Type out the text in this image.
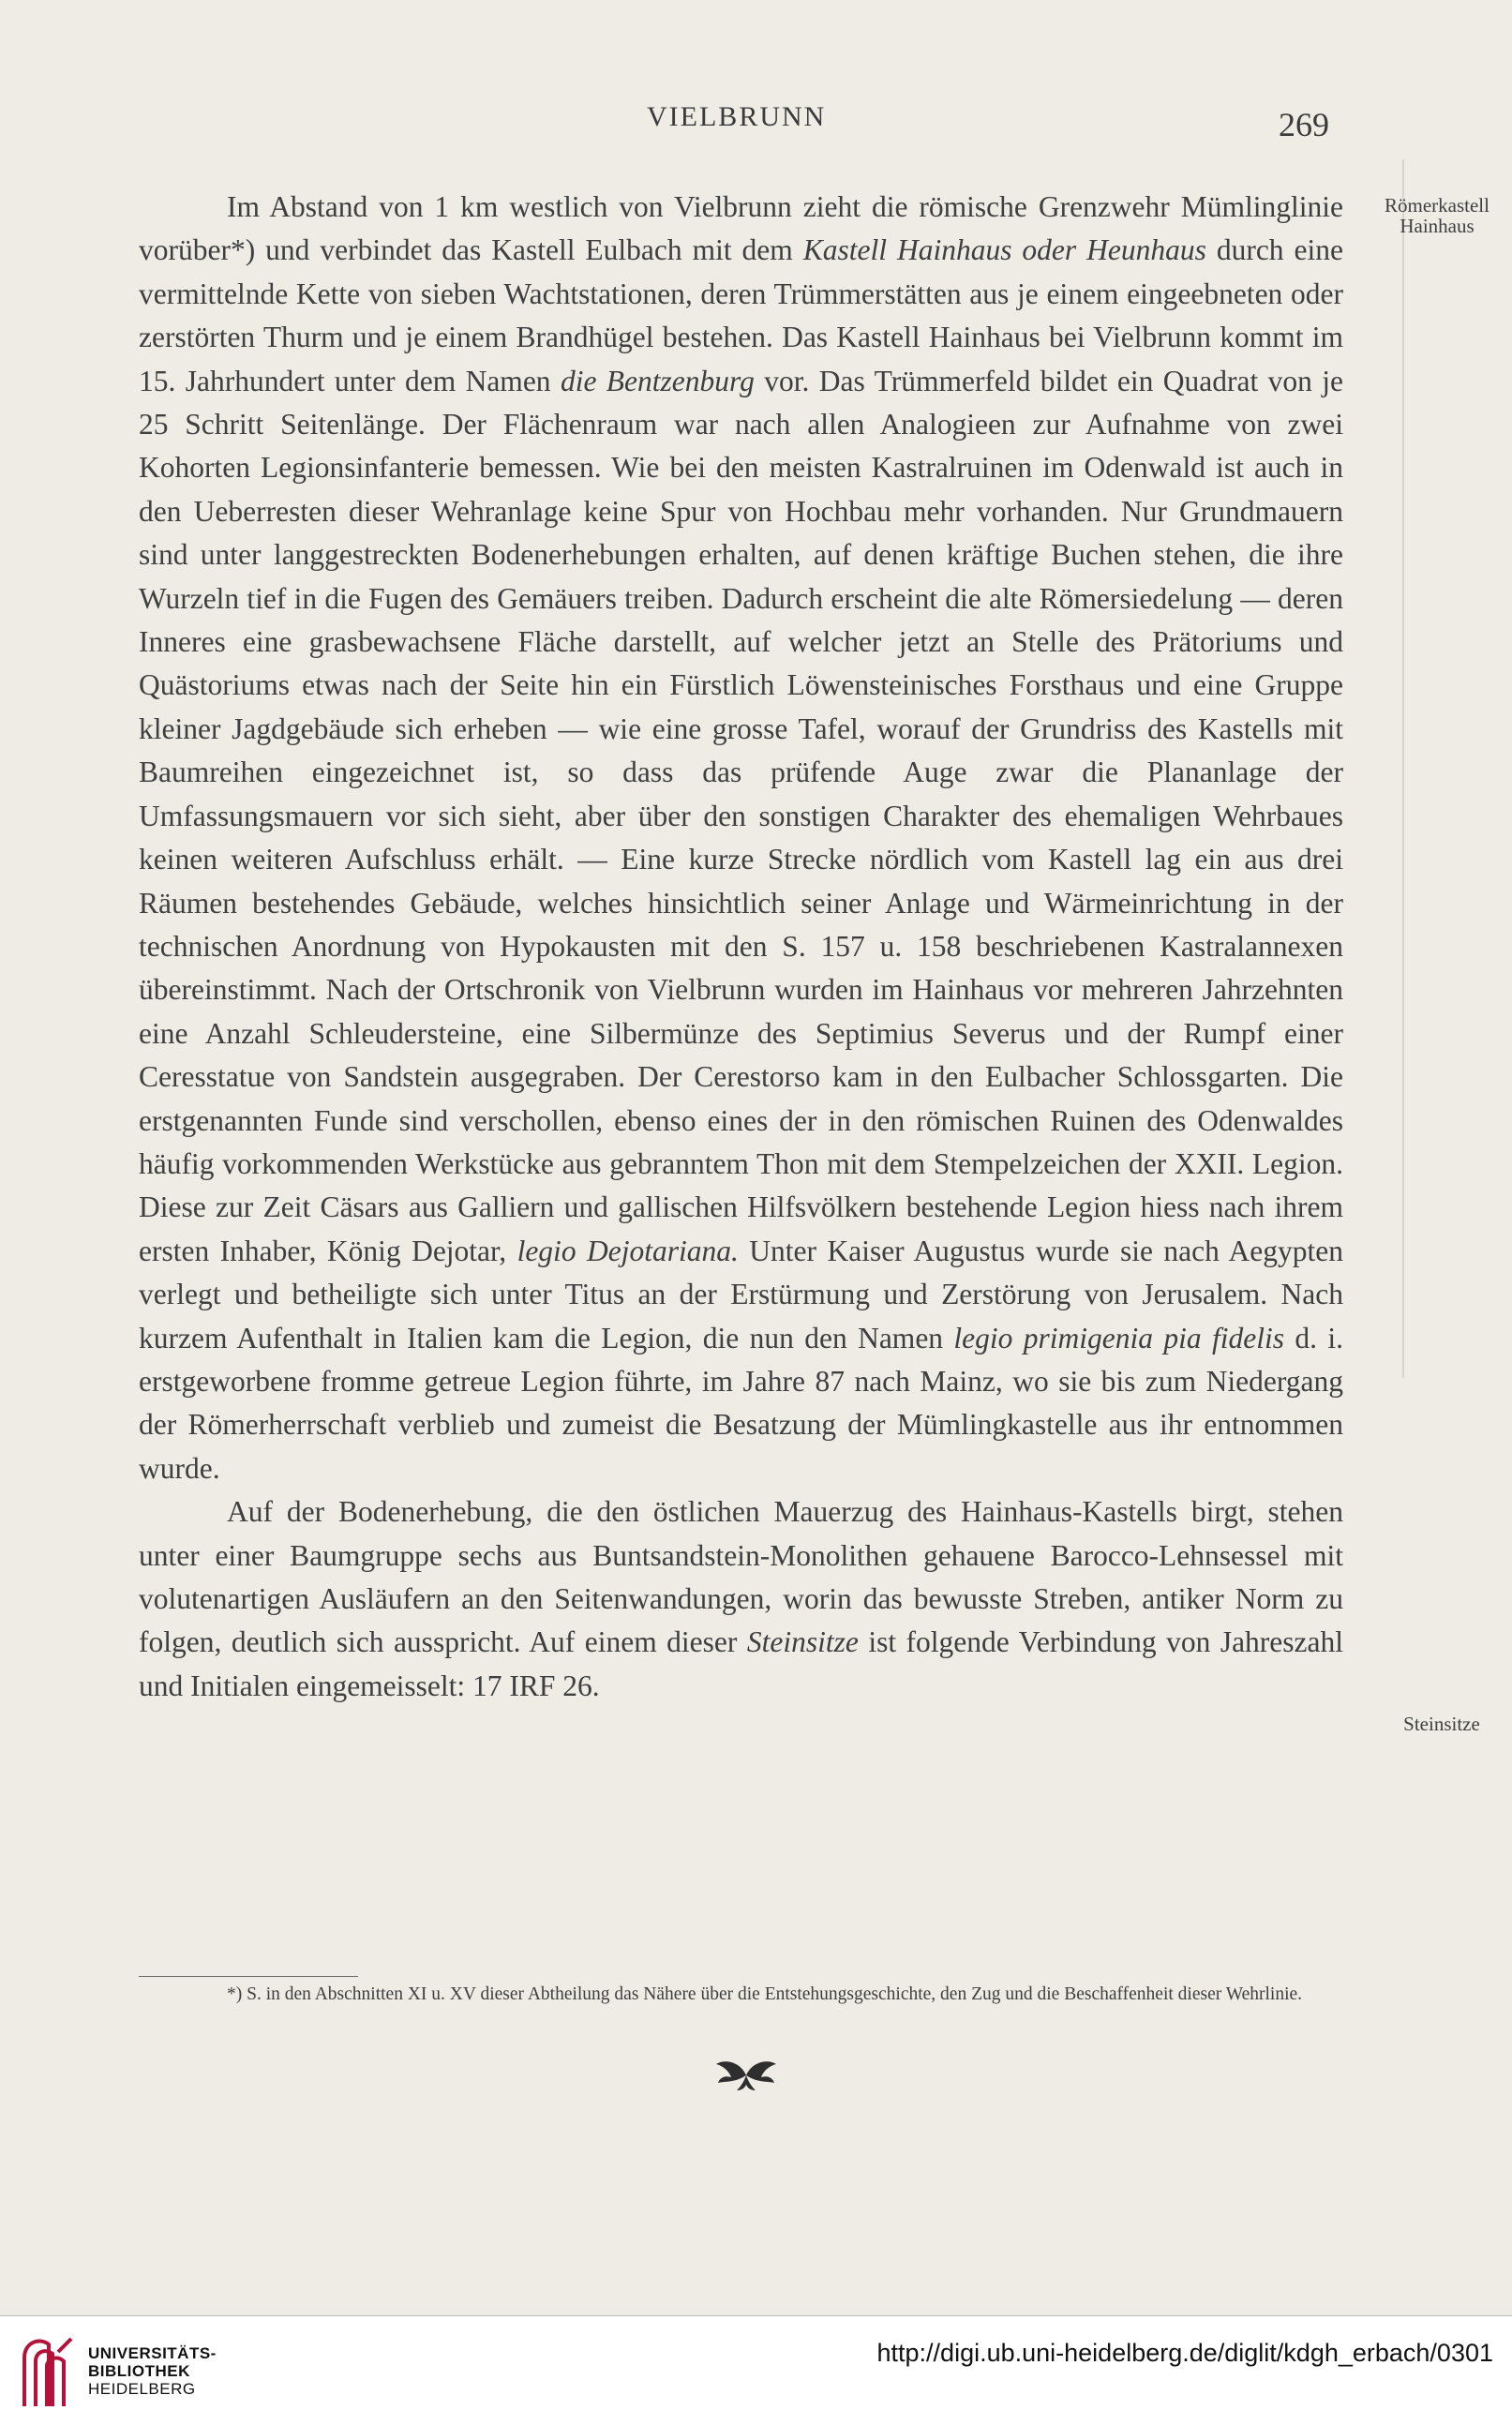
VIELBRUNN	269
Römerkastell
Hainhaus
Steinsitze

Im Abstand von 1 km westlich von Vielbrunn zieht die römische Grenzwehr Mümlinglinie vorüber*) und verbindet das Kastell Eulbach mit dem Kastell Hainhaus oder Heunhaus durch eine vermittelnde Kette von sieben Wachtstationen, deren Trümmerstätten aus je einem eingeebneten oder zerstörten Thurm und je einem Brandhügel bestehen. Das Kastell Hainhaus bei Vielbrunn kommt im 15. Jahrhundert unter dem Namen die Bentzenburg vor. Das Trümmerfeld bildet ein Quadrat von je 25 Schritt Seitenlänge. Der Flächenraum war nach allen Analogieen zur Aufnahme von zwei Kohorten Legionsinfanterie bemessen. Wie bei den meisten Kastralruinen im Odenwald ist auch in den Ueberresten dieser Wehranlage keine Spur von Hochbau mehr vorhanden. Nur Grundmauern sind unter langgestreckten Bodenerhebungen erhalten, auf denen kräftige Buchen stehen, die ihre Wurzeln tief in die Fugen des Gemäuers treiben. Dadurch erscheint die alte Römersiedelung — deren Inneres eine grasbewachsene Fläche darstellt, auf welcher jetzt an Stelle des Prätoriums und Quästoriums etwas nach der Seite hin ein Fürstlich Löwensteinisches Forsthaus und eine Gruppe kleiner Jagdgebäude sich erheben — wie eine grosse Tafel, worauf der Grundriss des Kastells mit Baumreihen eingezeichnet ist, so dass das prüfende Auge zwar die Plananlage der Umfassungsmauern vor sich sieht, aber über den sonstigen Charakter des ehemaligen Wehrbaues keinen weiteren Aufschluss erhält. — Eine kurze Strecke nördlich vom Kastell lag ein aus drei Räumen bestehendes Gebäude, welches hinsichtlich seiner Anlage und Wärmeinrichtung in der technischen Anordnung von Hypokausten mit den S. 157 u. 158 beschriebenen Kastralannexen übereinstimmt. Nach der Ortschronik von Vielbrunn wurden im Hainhaus vor mehreren Jahrzehnten eine Anzahl Schleudersteine, eine Silbermünze des Septimius Severus und der Rumpf einer Ceresstatue von Sandstein ausgegraben. Der Cerestorso kam in den Eulbacher Schlossgarten. Die erstgenannten Funde sind verschollen, ebenso eines der in den römischen Ruinen des Odenwaldes häufig vorkommenden Werkstücke aus gebranntem Thon mit dem Stempelzeichen der XXII. Legion. Diese zur Zeit Cäsars aus Galliern und gallischen Hilfsvölkern bestehende Legion hiess nach ihrem ersten Inhaber, König Dejotar, legio Dejotariana. Unter Kaiser Augustus wurde sie nach Aegypten verlegt und betheiligte sich unter Titus an der Erstürmung und Zerstörung von Jerusalem. Nach kurzem Aufenthalt in Italien kam die Legion, die nun den Namen legio primigenia pia fidelis d. i. erstgeworbene fromme getreue Legion führte, im Jahre 87 nach Mainz, wo sie bis zum Niedergang der Römerherrschaft verblieb und zumeist die Besatzung der Mümlingkastelle aus ihr entnommen wurde.

Auf der Bodenerhebung, die den östlichen Mauerzug des Hainhaus-Kastells birgt, stehen unter einer Baumgruppe sechs aus Buntsandstein-Monolithen gehauene Barocco-Lehnsessel mit volutenartigen Ausläufern an den Seitenwandungen, worin das bewusste Streben, antiker Norm zu folgen, deutlich sich ausspricht. Auf einem dieser Steinsitze ist folgende Verbindung von Jahreszahl und Initialen eingemeisselt: 17 IRF 26.

*) S. in den Abschnitten XI u. XV dieser Abtheilung das Nähere über die Entstehungsgeschichte, den Zug und die Beschaffenheit dieser Wehrlinie.

UNIVERSITÄTS-
BIBLIOTHEK
HEIDELBERG
http://digi.ub.uni-heidelberg.de/diglit/kdgh_erbach/0301
